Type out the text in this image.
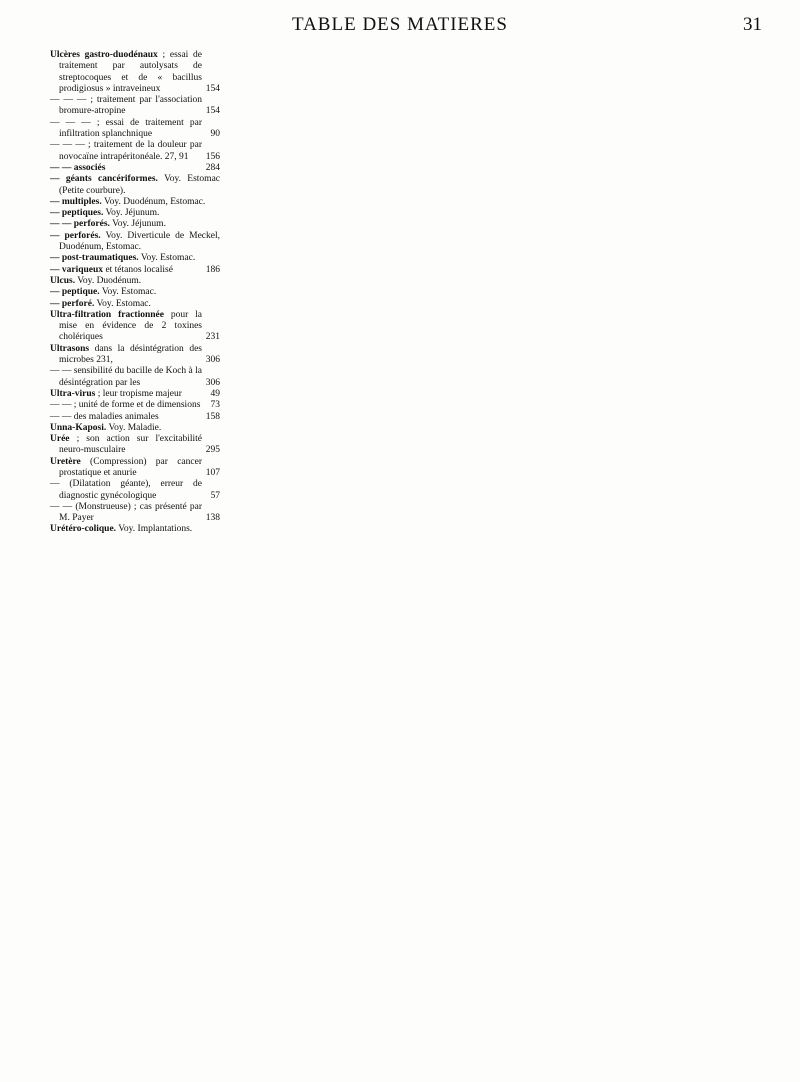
TABLE DES MATIERES	31
Ulcères gastro-duodénaux ; essai de traitement par autolysats de streptocoques et de « bacillus prodigiosus » intraveineux	154
— — — ; traitement par l'association bromure-atropine	154
— — — ; essai de traitement par infiltration splanchnique	90
— — — ; traitement de la douleur par novocaïne intrapéritonéale. 27, 91	156
— — associés	284
— géants cancériformes. Voy. Estomac (Petite courbure).
— multiples. Voy. Duodénum, Estomac.
— peptiques. Voy. Jéjunum.
— — perforés. Voy. Jéjunum.
— perforés. Voy. Diverticule de Meckel, Duodénum, Estomac.
— post-traumatiques. Voy. Estomac.
— variqueux et tétanos localisé	186
Ulcus. Voy. Duodénum.
— peptique. Voy. Estomac.
— perforé. Voy. Estomac.
Ultra-filtration fractionnée pour la mise en évidence de 2 toxines cholériques	231
Ultrasons dans la désintégration des microbes 231,	306
— — sensibilité du bacille de Koch à la désintégration par les	306
Ultra-virus ; leur tropisme majeur	49
— — ; unité de forme et de dimensions	73
— — des maladies animales	158
Unna-Kaposi. Voy. Maladie.
Urée ; son action sur l'excitabilité neuro-musculaire	295
Uretère (Compression) par cancer prostatique et anurie	107
— (Dilatation géante), erreur de diagnostic gynécologique	57
— — (Monstrueuse) ; cas présenté par M. Payer	138
Urétéro-colique. Voy. Implantations.
